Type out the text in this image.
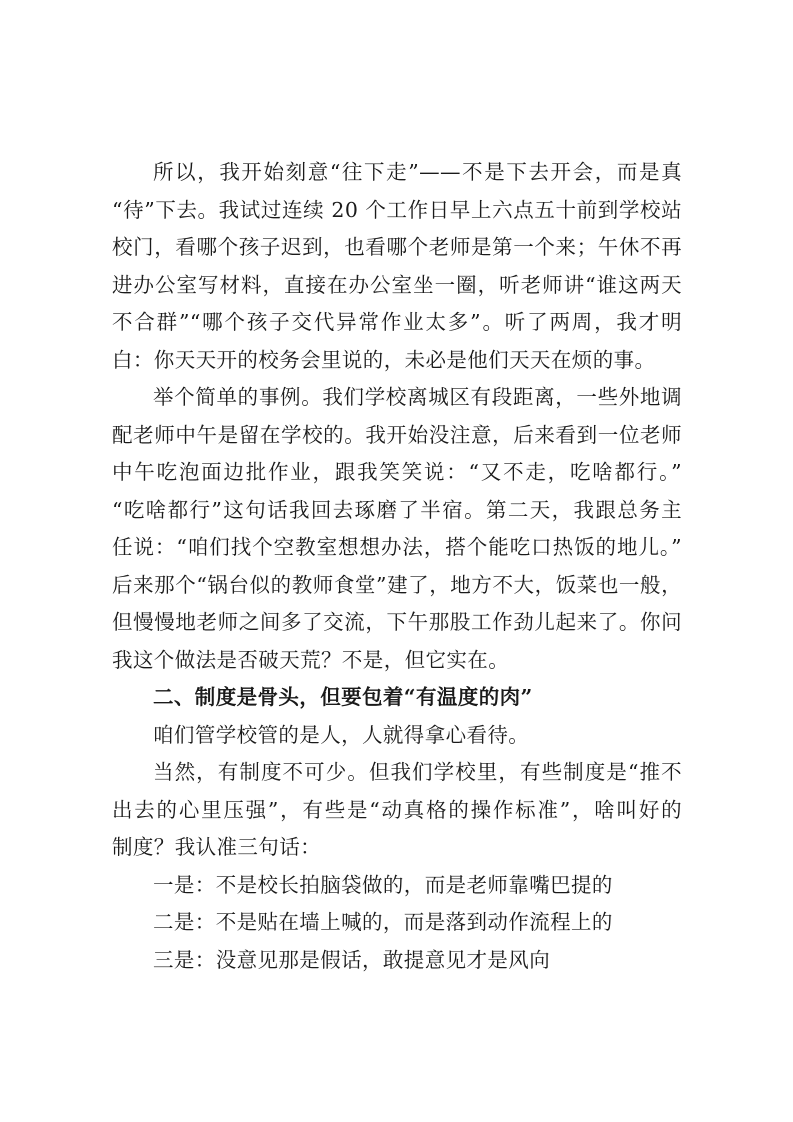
所以，我开始刻意“往下走”——不是下去开会，而是真
“待”下去。我试过连续 20 个工作日早上六点五十前到学校站
校门，看哪个孩子迟到，也看哪个老师是第一个来；午休不再
进办公室写材料，直接在办公室坐一圈，听老师讲“谁这两天
不合群”“哪个孩子交代异常作业太多”。听了两周，我才明
白：你天天开的校务会里说的，未必是他们天天在烦的事。

举个简单的事例。我们学校离城区有段距离，一些外地调
配老师中午是留在学校的。我开始没注意，后来看到一位老师
中午吃泡面边批作业，跟我笑笑说：“又不走，吃啥都行。”
“吃啥都行”这句话我回去琢磨了半宿。第二天，我跟总务主
任说：“咱们找个空教室想想办法，搭个能吃口热饭的地儿。”
后来那个“锅台似的教师食堂”建了，地方不大，饭菜也一般，
但慢慢地老师之间多了交流，下午那股工作劲儿起来了。你问
我这个做法是否破天荒？不是，但它实在。

二、制度是骨头，但要包着“有温度的肉”

咱们管学校管的是人，人就得拿心看待。

当然，有制度不可少。但我们学校里，有些制度是“推不
出去的心里压强”，有些是“动真格的操作标准”，啥叫好的
制度？我认准三句话：

一是：不是校长拍脑袋做的，而是老师靠嘴巴提的

二是：不是贴在墙上喊的，而是落到动作流程上的

三是：没意见那是假话，敢提意见才是风向
